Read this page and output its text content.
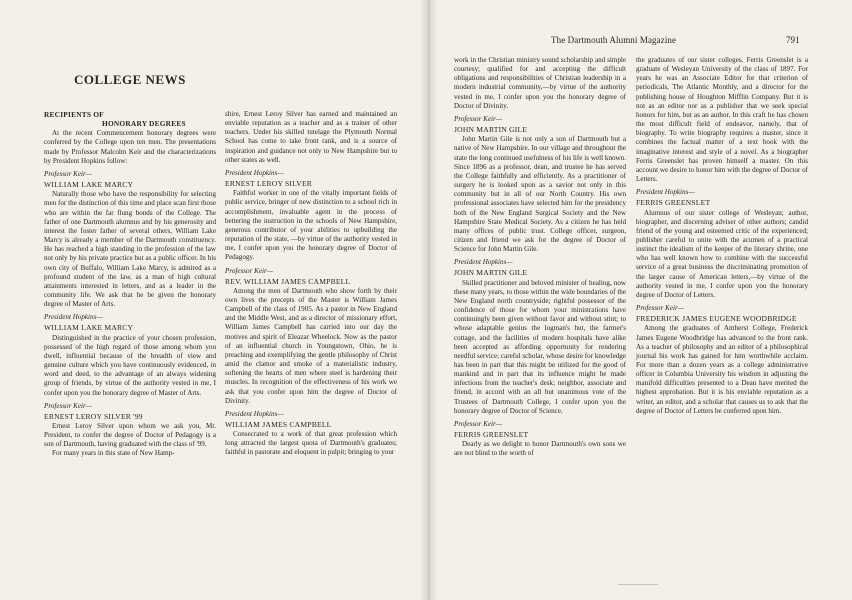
COLLEGE NEWS
RECIPIENTS OF
HONORARY DEGREES

At the recent Commencement honorary degrees were conferred by the College upon ten men. The presentations made by Professor Malcolm Keir and the characterizations by President Hopkins follow:

Professor Keir—
WILLIAM LAKE MARCY

Naturally those who have the responsibility for selecting men for the distinction of this time and place scan first those who are within the far flung bonds of the College. The father of one Dartmouth alumnus and by his generosity and interest the foster father of several others, William Lake Marcy is already a member of the Dartmouth constituency. He has reached a high standing in the profession of the law not only by his private practice but as a public officer. In his own city of Buffalo, William Lake Marcy, is admired as a profound student of the law, as a man of high cultural attainments interested in letters, and as a leader in the community life. We ask that he be given the honorary degree of Master of Arts.

President Hopkins—
WILLIAM LAKE MARCY

Distinguished in the practice of your chosen profession, possessed of the high regard of those among whom you dwell, influential because of the breadth of view and genuine culture which you have continuously evidenced, in word and deed, to the advantage of an always widening group of friends, by virtue of the authority vested in me, I confer upon you the honorary degree of Master of Arts.

Professor Keir—
ERNEST LEROY SILVER '99

Ernest Leroy Silver upon whom we ask you, Mr. President, to confer the degree of Doctor of Pedagogy is a son of Dartmouth, having graduated with the class of '99.

For many years in this state of New Hamp-

shire, Ernest Leroy Silver has earned and maintained an enviable reputation as a teacher and as a trainer of other teachers. Under his skilled tutelage the Plymouth Normal School has come to take front rank, and is a source of inspiration and guidance not only to New Hampshire but to other states as well.

President Hopkins—
ERNEST LEROY SILVER

Faithful worker in one of the vitally important fields of public service, bringer of new distinction to a school rich in accomplishment, invaluable agent in the process of bettering the instruction in the schools of New Hampshire, generous contributor of your abilities to upbuilding the reputation of the state, —by virtue of the authority vested in me, I confer upon you the honorary degree of Doctor of Pedagogy.

Professor Keir—
REV. WILLIAM JAMES CAMPBELL

Among the men of Dartmouth who show forth by their own lives the precepts of the Master is William James Campbell of the class of 1905. As a pastor in New England and the Middle West, and as a director of missionary effort, William James Campbell has carried into our day the motives and spirit of Eleazar Wheelock. Now as the pastor of an influential church in Youngstown, Ohio, he is preaching and exemplifying the gentle philosophy of Christ amid the clamor and smoke of a materialistic industry, softening the hearts of men where steel is hardening their muscles. In recognition of the effectiveness of his work we ask that you confer upon him the degree of Doctor of Divinity.

President Hopkins—
WILLIAM JAMES CAMPBELL

Consecrated to a work of that great profession which long attracted the largest quota of Dartmouth's graduates; faithful in pastorate and eloquent in pulpit; bringing to your

work in the Christian ministry sound scholarship and simple courtesy; qualified for and accepting the difficult obligations and responsibilities of Christian leadership in a modern industrial community,—by virtue of the authority vested in me, I confer upon you the honorary degree of Doctor of Divinity.

Professor Keir—
JOHN MARTIN GILE

John Martin Gile is not only a son of Dartmouth but a native of New Hampshire. In our village and throughout the state the long continued usefulness of his life is well known. Since 1896 as a professor, dean, and trustee he has served the College faithfully and efficiently. As a practitioner of surgery he is looked upon as a savior not only in this community but in all of our North Country. His own professional associates have selected him for the presidency both of the New England Surgical Society and the New Hampshire State Medical Society. As a citizen he has held many offices of public trust. College officer, surgeon, citizen and friend we ask for the degree of Doctor of Science for John Martin Gile.

President Hopkins—
JOHN MARTIN GILE

Skilled practitioner and beloved minister of healing, now these many years, to those within the wide boundaries of the New England north countryside; rightful possessor of the confidence of those for whom your ministrations have continuingly been given without favor and without stint; to whose adaptable genius the logman's hut, the farmer's cottage, and the facilities of modern hospitals have alike been accepted as affording opportunity for rendering needful service; careful scholar, whose desire for knowledge has been in part that this might be utilized for the good of mankind and in part that its influence might be made infectious from the teacher's desk; neighbor, associate and friend, in accord with an all but unanimous vote of the Trustees of Dartmouth College, I confer upon you the honorary degree of Doctor of Science.

Professor Keir—
FERRIS GREENSLET

Dearly as we delight to honor Dartmouth's own sons we are not blind to the worth of

the graduates of our sister colleges. Ferris Greenslet is a graduate of Wesleyan University of the class of 1897. For years he was an Associate Editor for that criterion of periodicals, The Atlantic Monthly, and a director for the publishing house of Houghton Mifflin Company. But it is not as an editor nor as a publisher that we seek special honors for him, but as an author. In this craft he has chosen the most difficult field of endeavor, namely, that of biography. To write biography requires a master, since it combines the factual matter of a text book with the imaginative interest and style of a novel. As a biographer Ferris Greenslet has proven himself a master. On this account we desire to honor him with the degree of Doctor of Letters.

President Hopkins—
FERRIS GREENSLET

Alumnus of our sister college of Wesleyan; author, biographer, and discerning adviser of other authors; candid friend of the young and esteemed critic of the experienced; publisher careful to unite with the acumen of a practical instinct the idealism of the keeper of the literary shrine, one who has well known how to combine with the successful service of a great business the discriminating promotion of the larger cause of American letters,—by virtue of the authority vested in me, I confer upon you the honorary degree of Doctor of Letters.

Professor Keir—
FREDERICK JAMES EUGENE WOODBRIDGE

Among the graduates of Amherst College, Frederick James Eugene Woodbridge has advanced to the front rank. As a teacher of philosophy and an editor of a philosophical journal his work has gained for him worthwhile acclaim. For more than a dozen years as a college administrative officer in Columbia University his wisdom in adjusting the manifold difficulties presented to a Dean have merited the highest approbation. But it is his enviable reputation as a writer, an editor, and a scholar that causes us to ask that the degree of Doctor of Letters be conferred upon him.

The Dartmouth Alumni Magazine	791
